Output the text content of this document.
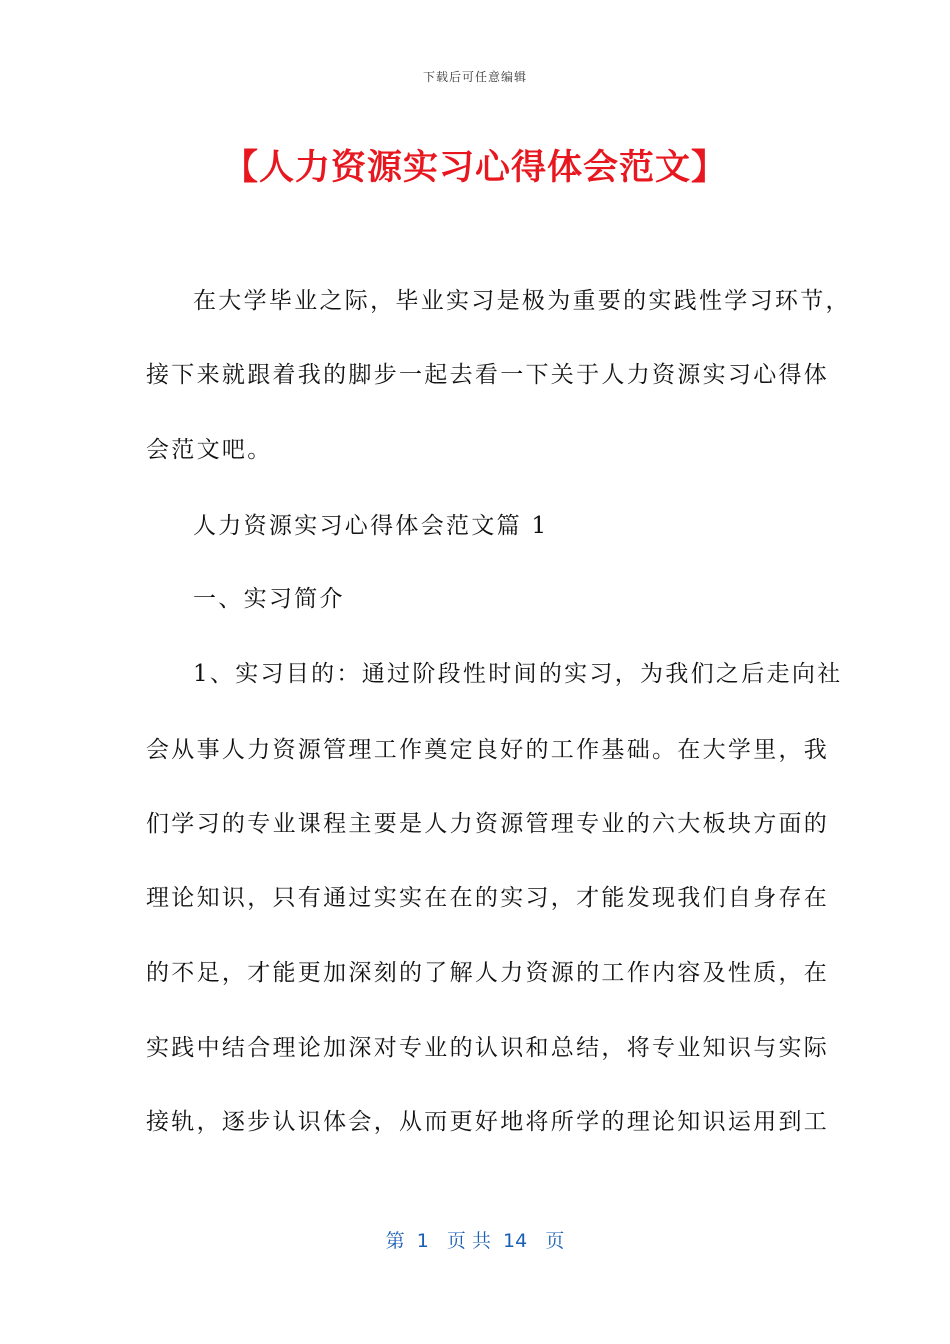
下载后可任意编辑
【人力资源实习心得体会范文】
在大学毕业之际，毕业实习是极为重要的实践性学习环节，
接下来就跟着我的脚步一起去看一下关于人力资源实习心得体
会范文吧。
人力资源实习心得体会范文篇 1
一、实习简介
1、实习目的：通过阶段性时间的实习，为我们之后走向社
会从事人力资源管理工作奠定良好的工作基础。在大学里，我
们学习的专业课程主要是人力资源管理专业的六大板块方面的
理论知识，只有通过实实在在的实习，才能发现我们自身存在
的不足，才能更加深刻的了解人力资源的工作内容及性质，在
实践中结合理论加深对专业的认识和总结，将专业知识与实际
接轨，逐步认识体会，从而更好地将所学的理论知识运用到工
第  1   页 共  14   页
